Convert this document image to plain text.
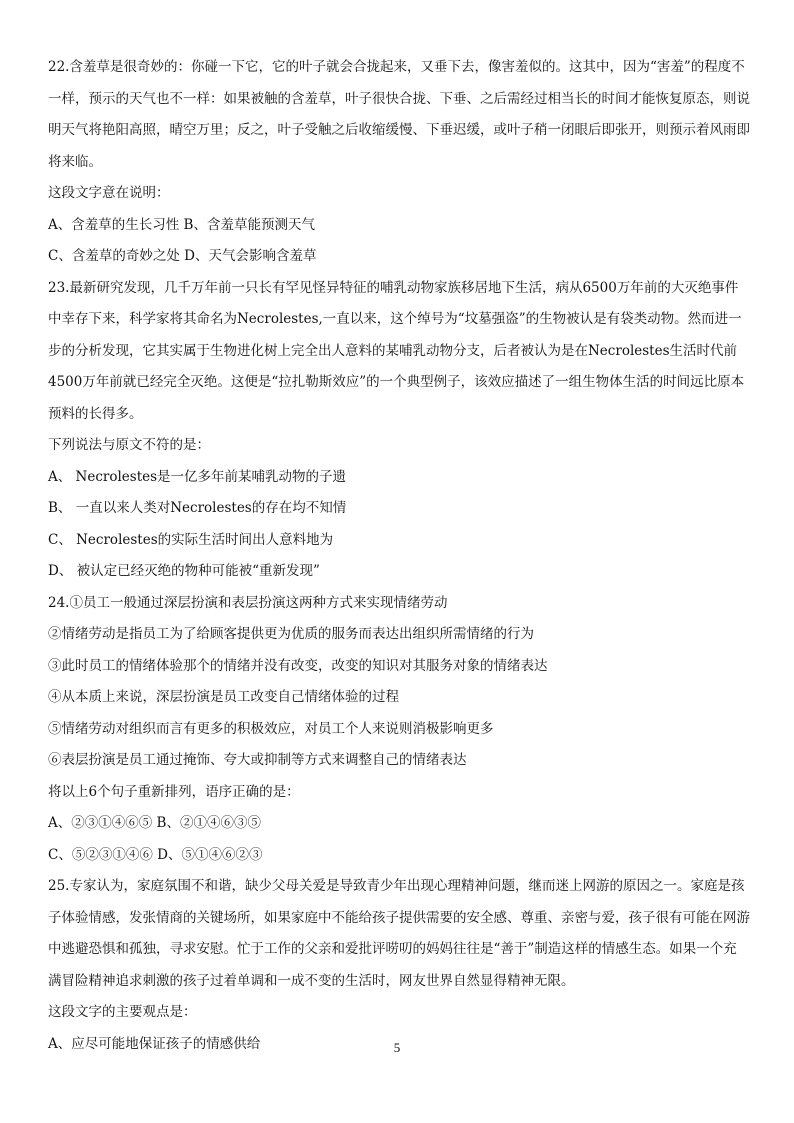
22.含羞草是很奇妙的：你碰一下它，它的叶子就会合拢起来，又垂下去，像害羞似的。这其中，因为“害羞”的程度不一样，预示的天气也不一样：如果被触的含羞草，叶子很快合拢、下垂、之后需经过相当长的时间才能恢复原态，则说明天气将艳阳高照，晴空万里；反之，叶子受触之后收缩缓慢、下垂迟缓，或叶子稍一闭眼后即张开，则预示着风雨即将来临。

这段文字意在说明：

A、含羞草的生长习性 B、含羞草能预测天气

C、含羞草的奇妙之处 D、天气会影响含羞草

23.最新研究发现，几千万年前一只长有罕见怪异特征的哺乳动物家族移居地下生活，病从6500万年前的大灭绝事件中幸存下来，科学家将其命名为Necrolestes,一直以来，这个绰号为“坟墓强盗”的生物被认是有袋类动物。然而进一步的分析发现，它其实属于生物进化树上完全出人意料的某哺乳动物分支，后者被认为是在Necrolestes生活时代前4500万年前就已经完全灭绝。这便是“拉扎勒斯效应”的一个典型例子，该效应描述了一组生物体生活的时间远比原本预料的长得多。

下列说法与原文不符的是：

A、 Necrolestes是一亿多年前某哺乳动物的子遗

B、 一直以来人类对Necrolestes的存在均不知情

C、 Necrolestes的实际生活时间出人意料地为

D、 被认定已经灭绝的物种可能被“重新发现”

24.①员工一般通过深层扮演和表层扮演这两种方式来实现情绪劳动

②情绪劳动是指员工为了给顾客提供更为优质的服务而表达出组织所需情绪的行为

③此时员工的情绪体验那个的情绪并没有改变，改变的知识对其服务对象的情绪表达

④从本质上来说，深层扮演是员工改变自己情绪体验的过程

⑤情绪劳动对组织而言有更多的积极效应，对员工个人来说则消极影响更多

⑥表层扮演是员工通过掩饰、夸大或抑制等方式来调整自己的情绪表达

将以上6个句子重新排列，语序正确的是：

A、②③①④⑥⑤ B、②①④⑥③⑤

C、⑤②③①④⑥ D、⑤①④⑥②③

25.专家认为，家庭氛围不和谐，缺少父母关爱是导致青少年出现心理精神问题，继而迷上网游的原因之一。家庭是孩子体验情感，发张情商的关键场所，如果家庭中不能给孩子提供需要的安全感、尊重、亲密与爱，孩子很有可能在网游中逃避恐惧和孤独，寻求安慰。忙于工作的父亲和爱批评唠叨的妈妈往往是“善于”制造这样的情感生态。如果一个充满冒险精神追求刺激的孩子过着单调和一成不变的生活时，网友世界自然显得精神无限。

这段文字的主要观点是：

A、应尽可能地保证孩子的情感供给	5
